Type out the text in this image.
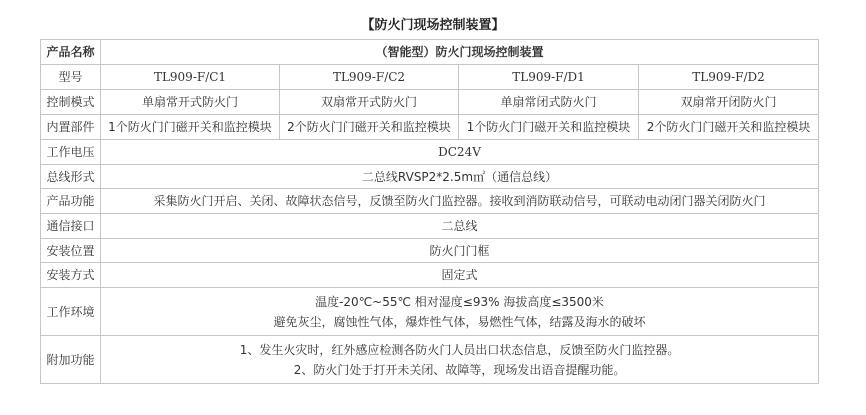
【防火门现场控制装置】
产品名称	（智能型）防火门现场控制装置			
型号	TL909-F/C1	TL909-F/C2	TL909-F/D1	TL909-F/D2
控制模式	单扇常开式防火门	双扇常开式防火门	单扇常闭式防火门	双扇常开闭防火门
内置部件	1个防火门门磁开关和监控模块	2个防火门门磁开关和监控模块	1个防火门门磁开关和监控模块	2个防火门门磁开关和监控模块
工作电压	DC24V			
总线形式	二总线RVSP2*2.5m㎡（通信总线）			
产品功能	采集防火门开启、关闭、故障状态信号，反馈至防火门监控器。接收到消防联动信号，可联动电动闭门器关闭防火门			
通信接口	二总线			
安装位置	防火门门框			
安装方式	固定式			
工作环境	温度-20℃~55℃ 相对湿度≤93% 海拔高度≤3500米
避免灰尘，腐蚀性气体，爆炸性气体，易燃性气体，结露及海水的破坏			

附加功能	1、发生火灾时，红外感应检测各防火门人员出口状态信息，反馈至防火门监控器。
2、防火门处于打开未关闭、故障等，现场发出语音提醒功能。			
